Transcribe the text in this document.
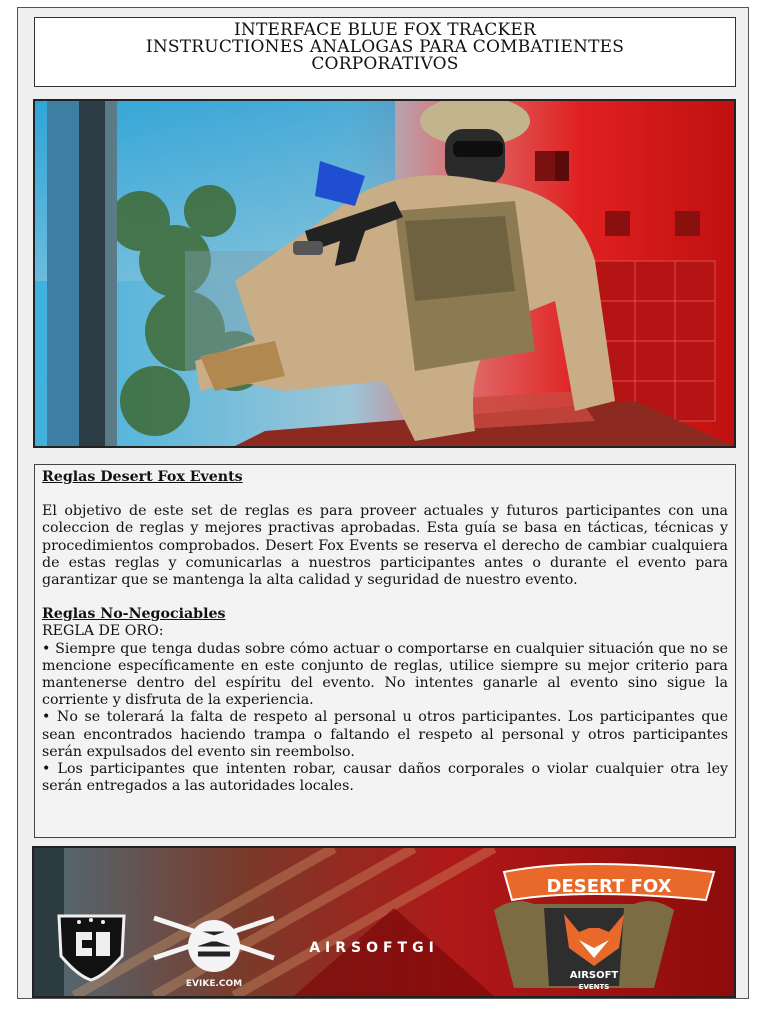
INTERFACE BLUE FOX TRACKER
INSTRUCTIONES ANALOGAS PARA COMBATIENTES
CORPORATIVOS

Reglas Desert Fox Events

El objetivo de este set de reglas es para proveer actuales y futuros participantes con una coleccion de reglas y mejores practivas aprobadas. Esta guía se basa en tácticas, técnicas y procedimientos comprobados. Desert Fox Events se reserva el derecho de cambiar cualquiera de estas reglas y comunicarlas a nuestros participantes antes o durante el evento para garantizar que se mantenga la alta calidad y seguridad de nuestro evento.

Reglas No-Negociables

REGLA DE ORO:

• Siempre que tenga dudas sobre cómo actuar o comportarse en cualquier situación que no se mencione específicamente en este conjunto de reglas, utilice siempre su mejor criterio para mantenerse dentro del espíritu del evento. No intentes ganarle al evento sino sigue la corriente y disfruta de la experiencia.

• No se tolerará la falta de respeto al personal u otros participantes. Los participantes que sean encontrados haciendo trampa o faltando el respeto al personal y otros participantes serán expulsados del evento sin reembolso.

• Los participantes que intenten robar, causar daños corporales o violar cualquier otra ley serán entregados a las autoridades locales.

EVIKE.COM
AIRSOFTGI
DESERT FOX
AIRSOFT
EVENTS
